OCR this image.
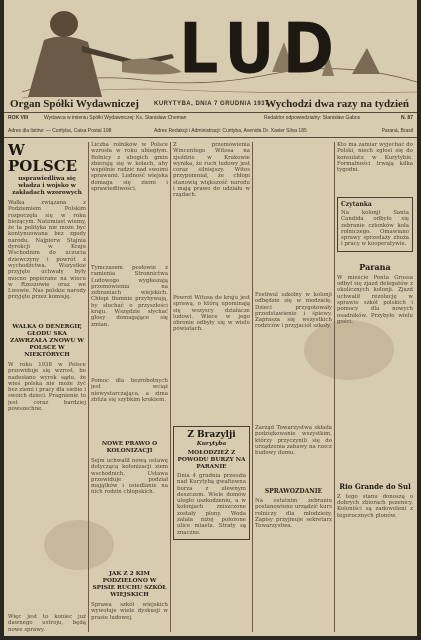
LUD
Organ Spółki Wydawniczej	Wychodzi dwa razy na tydzień
ROK VIII	Wydawca w imieniu Spółki Wydawniczej: Ks. Stanisław Cheman
KURYTYBA, DNIA 7 GRUDNIA 1937
Redaktor odpowiedzialny: Stanisław Gabos	N. 87
Adres dla listów: — Curityba, Caixa Postal 198	Adres Redakcji i Administracji: Curityba, Avenida Dr. Xavier Silva 185	Paraná, Brasil
W POLSCE
usprawiedliwa się władza i wojsko w zakładach wzorowych
Walka związana z Podziemiem Polskim rozpoczęła się w roku bieżącym. Natomiast wiemy, że ta polityka nie może być kontynuowana bez zgody narodu. Najpierw Stajnia dyrekcji w Kraju Wschodnim do uczucia dziewczyny i powrót z wychodźctwa. Wszystkie przyjęte uchwały były mocno popierane na wiecu w Rzeszowie oraz we Lwowie. Nas polskie narody przyjęte przez komisję.
WALKA O DENERGIĘ GŁODU SKA ZAWRZAŁA ZNOWU W POLSCE W NIEKTÓRYCH
W roku 1938 w Polsce przewiduje się wzrost, bo nadesłano wyrok sądu, że wieś polska nie może żyć bez ziemi i pracy dla siebie i swoich dzieci. Pragnienie to jest coraz bardziej powszechne.
Więc jest to koniec już dawnego ustroju, będą nowe sprawy.
Liczba rolników w Polsce wzrosła w roku ubiegłym. Rolnicy z ubogich gmin zbierają się w kołach, aby wspólnie radzić nad swoimi sprawami. Ludność wiejska domaga się ziemi i sprawiedliwości.
Tymczasem posłowie z ramienia Stronnictwa Ludowego wygłaszają przemówienia na zebraniach wiejskich. Chłopi tłumnie przybywają, by słuchać o przyszłości kraju. Wszędzie słychać głosy domagające się zmian.
Pomoc dla bezrobotnych jest wciąż niewystarczająca, a zima zbliża się szybkim krokiem.
NOWE PRAWO O KOLONIZACJI
Sejm uchwalił nową ustawę dotyczącą kolonizacji ziem wschodnich. Ustawa przewiduje podział majątków i osiedlanie na nich rodzin chłopskich.
JAK Z 2 KIM PODZIELONO W SPISIE RUCHU SZKÓŁ WIEJSKICH
Sprawa szkół wiejskich wywołuje wiele dyskusji w prasie ludowej.
Z przemówienia Wincentego Witosa na zjeździe w Krakowie wynika, że ruch ludowy jest coraz silniejszy. Witos przypomniał, że chłopi stanowią większość narodu i mają prawo do udziału w rządach.
Powrót Witosa do kraju jest sprawą, o którą upominają się wszyscy działacze ludowi. Wiece w jego obronie odbyły się w wielu powiatach.
Z Brazylji
Kurytyba
MOŁODZIEŻ Z POWODU BURZY NA PARANIE
Dnia 4 grudnia przeszła nad Kurytybą gwałtowna burza z ulewnym deszczem. Wiele domów uległo uszkodzeniu, a w kolonjach zniszczone zostały plony. Woda zalała niżej położone ulice miasta. Straty są znaczne.
Festiwal szkolny w kolonji odbędzie się w niedzielę. Dzieci przygotowały przedstawienie i śpiewy. Zaprasza się wszystkich rodziców i przyjaciół szkoły.
Zarząd Towarzystwa składa podziękowanie wszystkim, którzy przyczynili się do urządzenia zabawy na rzecz budowy domu.
SPRAWOZDANIE
Na ostatnim zebraniu postanowiono urządzić kurs rolniczy dla młodzieży. Zapisy przyjmuje sekretarz Towarzystwa.
Kto ma zamiar wyjechać do Polski, niech zgłosi się do konsulatu w Kurytybie. Formalności trwają kilka tygodni.
Czytanka
Na kolonji Santa Candida odbyło się zebranie członków koła rolniczego. Omawiano sprawy sprzedaży zboża i pracy w kooperatywie.
Parana
W mieście Ponta Grossa odbył się zjazd delegatów z okolicznych kolonji. Zjazd uchwalił rezolucję w sprawie szkół polskich i pomocy dla nowych osadników. Przybyło wielu gości.
Rio Grande do Sul
Z tego stanu donoszą o dobrych zbiorach pszenicy. Koloniści są zadowoleni z tegorocznych plonów.
